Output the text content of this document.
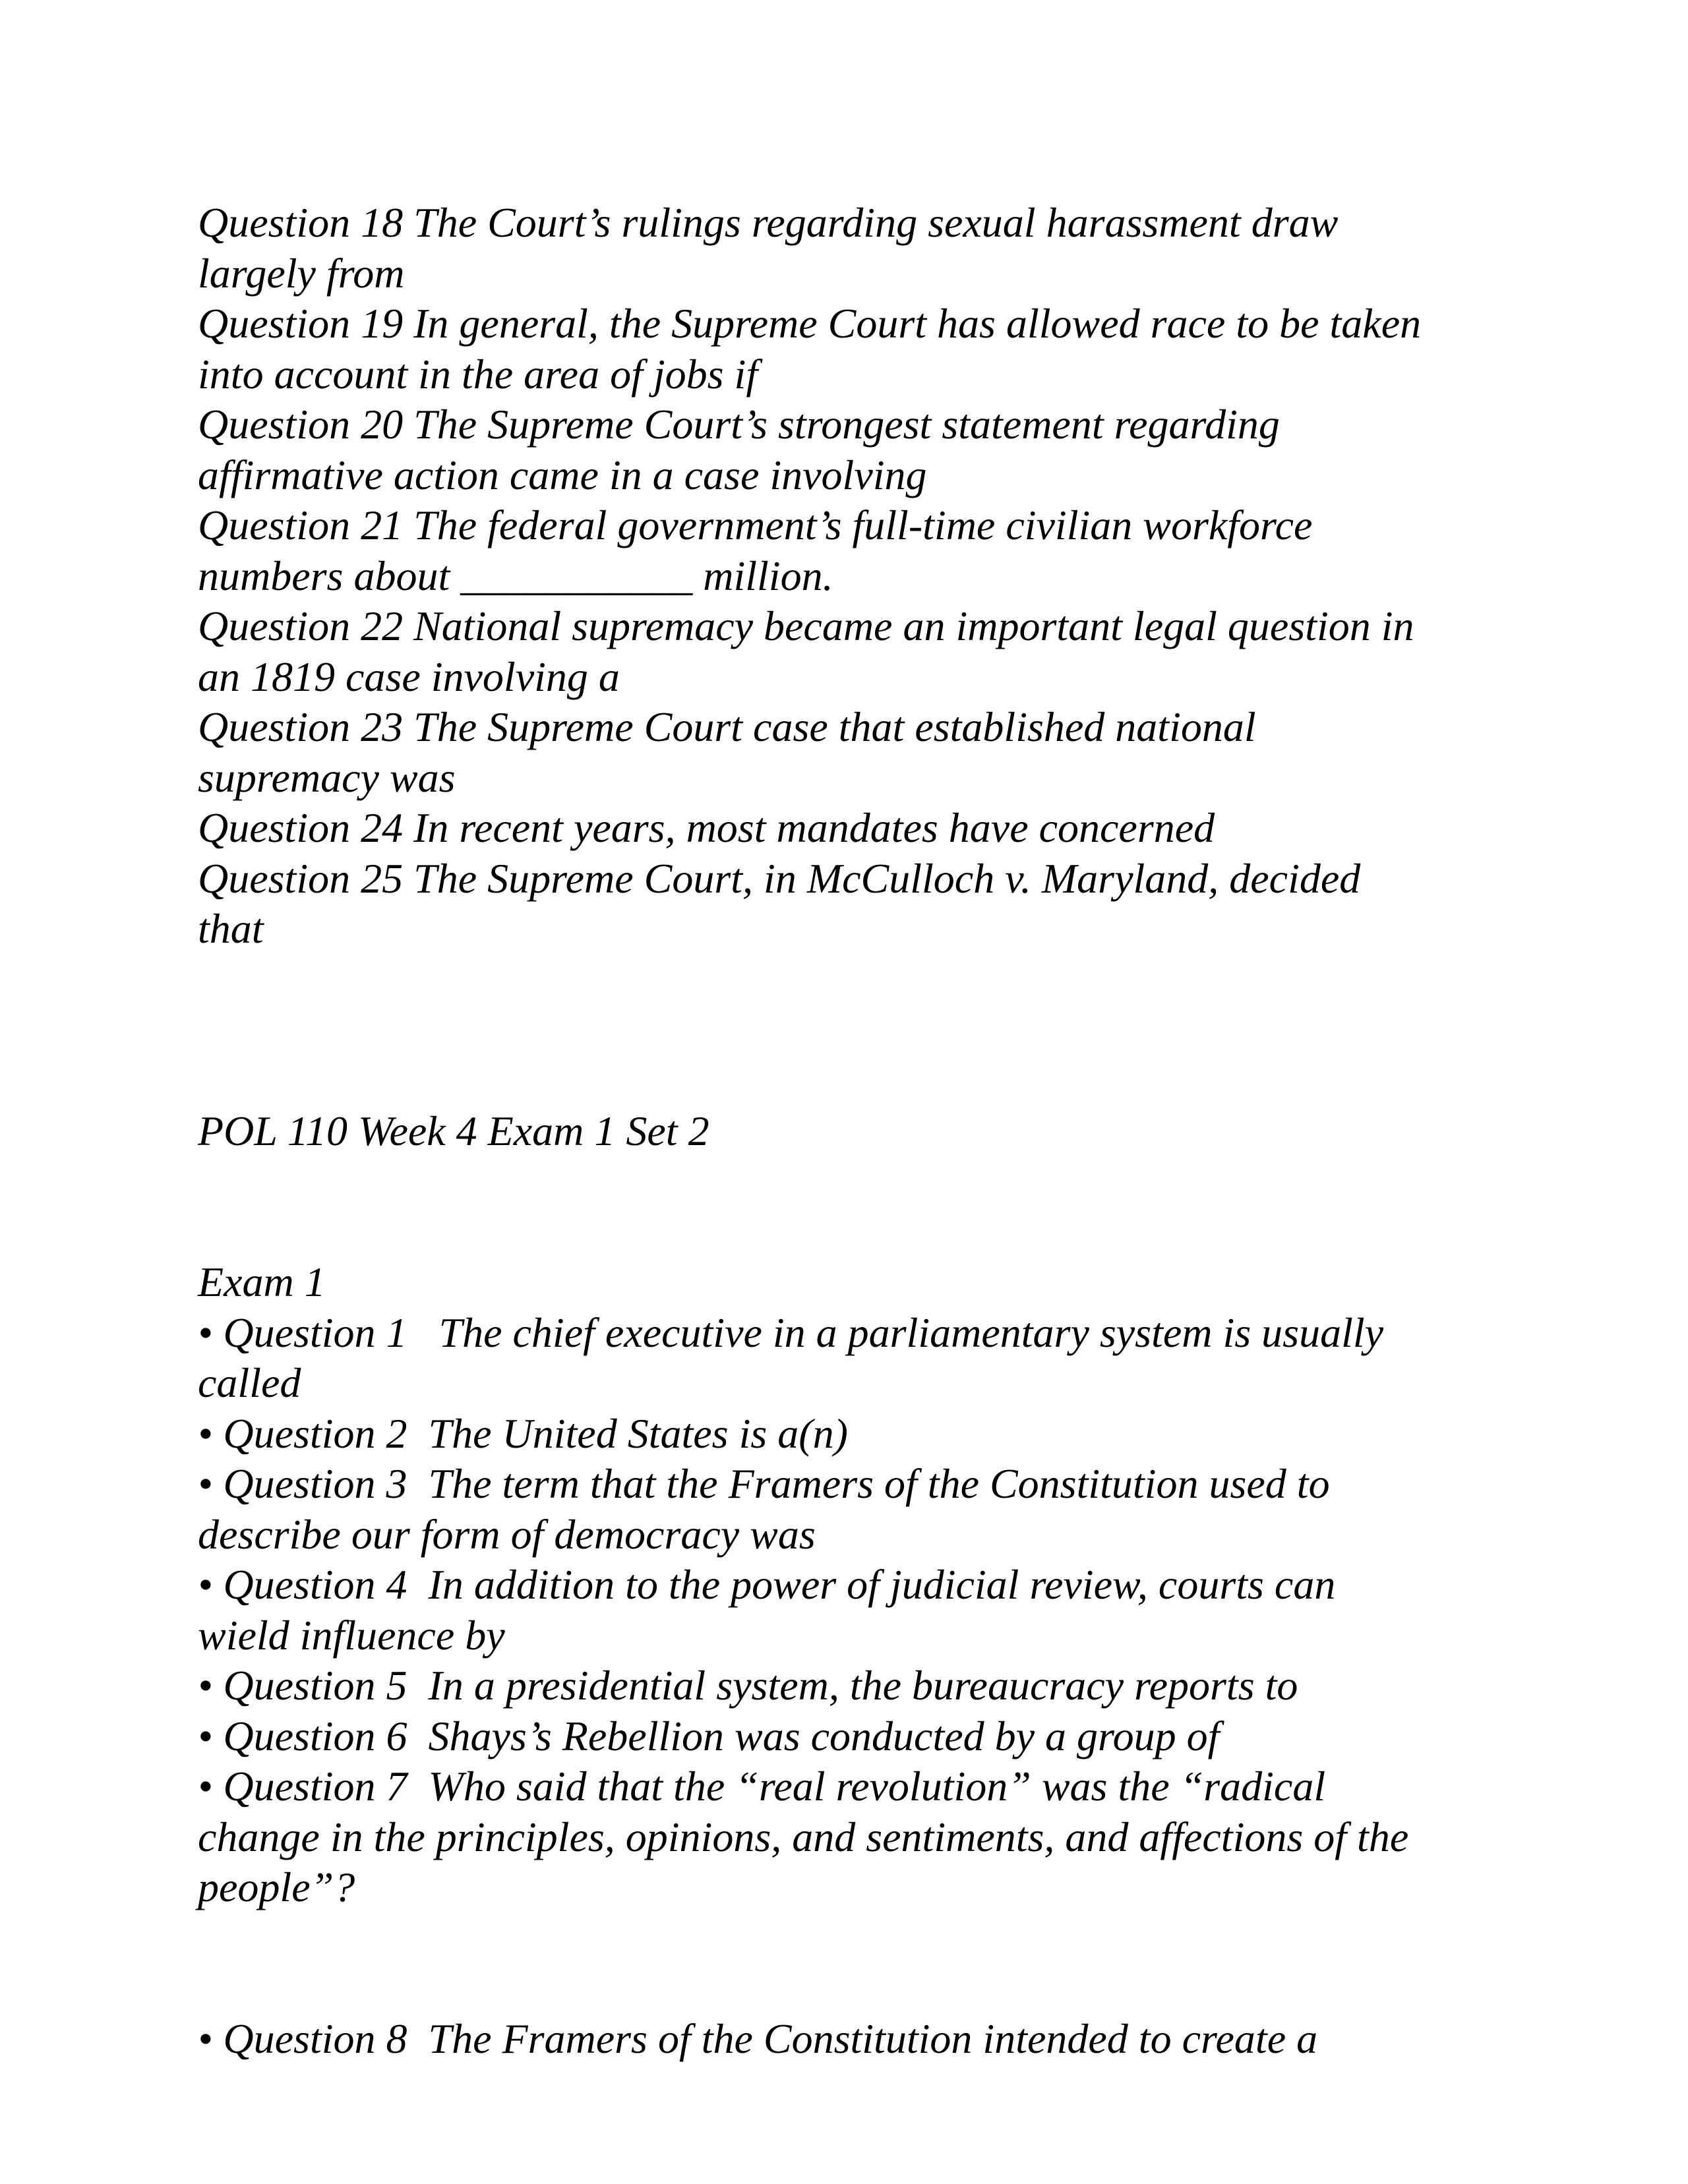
Question 18 The Court’s rulings regarding sexual harassment draw

largely from

Question 19 In general, the Supreme Court has allowed race to be taken

into account in the area of jobs if

Question 20 The Supreme Court’s strongest statement regarding

affirmative action came in a case involving

Question 21 The federal government’s full-time civilian workforce

numbers about ___________ million.

Question 22 National supremacy became an important legal question in

an 1819 case involving a

Question 23 The Supreme Court case that established national

supremacy was

Question 24 In recent years, most mandates have concerned

Question 25 The Supreme Court, in McCulloch v. Maryland, decided

that

POL 110 Week 4 Exam 1 Set 2

Exam 1

• Question 1   The chief executive in a parliamentary system is usually

called

• Question 2  The United States is a(n)

• Question 3  The term that the Framers of the Constitution used to

describe our form of democracy was

• Question 4  In addition to the power of judicial review, courts can

wield influence by

• Question 5  In a presidential system, the bureaucracy reports to

• Question 6  Shays’s Rebellion was conducted by a group of

• Question 7  Who said that the “real revolution” was the “radical

change in the principles, opinions, and sentiments, and affections of the

people”?

• Question 8  The Framers of the Constitution intended to create a
